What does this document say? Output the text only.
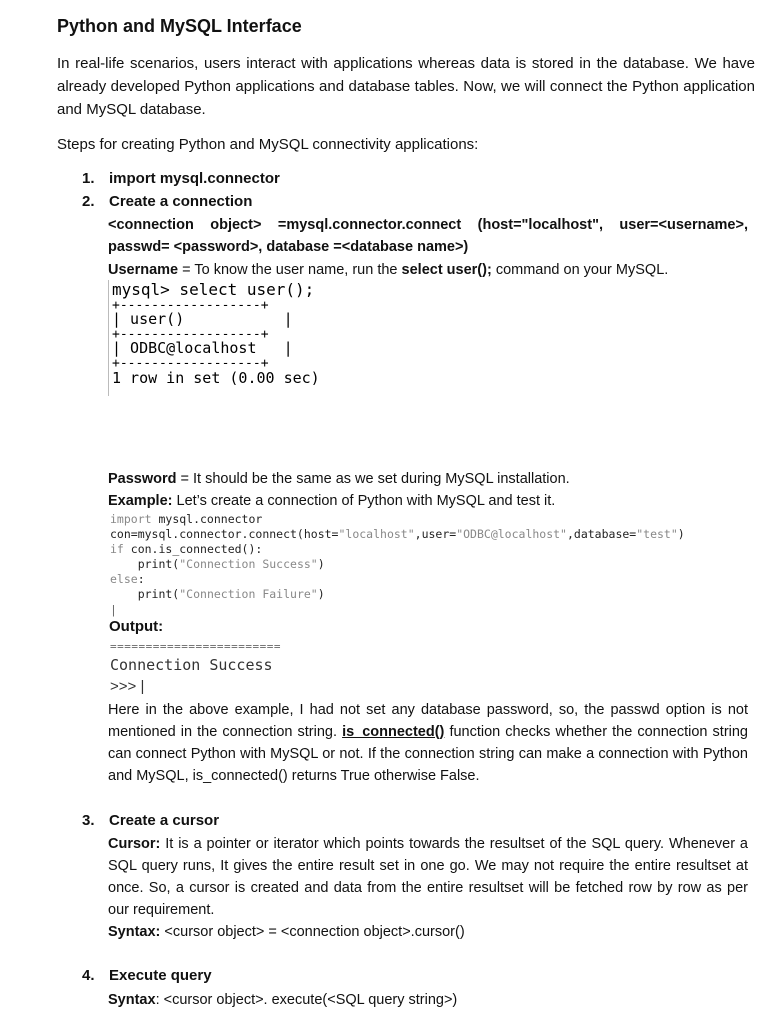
Python and MySQL Interface
In real-life scenarios, users interact with applications whereas data is stored in the database. We have already developed Python applications and database tables. Now, we will connect the Python application and MySQL database.
Steps for creating Python and MySQL connectivity applications:
1. import mysql.connector
2. Create a connection
<connection object> =mysql.connector.connect (host="localhost", user=<username>, passwd= <password>, database =<database name>)
Username = To know the user name, run the select user(); command on your MySQL.
mysql> select user();
+------------------+
| user()           |
+------------------+
| ODBC@localhost   |
+------------------+
1 row in set (0.00 sec)
Password = It should be the same as we set during MySQL installation.
Example: Let’s create a connection of Python with MySQL and test it.
import mysql.connector
con=mysql.connector.connect(host="localhost",user="ODBC@localhost",database="test")
if con.is_connected():
print("Connection Success")
else:
print("Connection Failure")
|
Output:
========================
Connection Success
>>> |
Here in the above example, I had not set any database password, so, the passwd option is not mentioned in the connection string. is_connected() function checks whether the connection string can connect Python with MySQL or not. If the connection string can make a connection with Python and MySQL, is_connected() returns True otherwise False.
3. Create a cursor
Cursor: It is a pointer or iterator which points towards the resultset of the SQL query. Whenever a SQL query runs, It gives the entire result set in one go. We may not require the entire resultset at once. So, a cursor is created and data from the entire resultset will be fetched row by row as per our requirement.
Syntax: <cursor object> = <connection object>.cursor()
4. Execute query
Syntax: <cursor object>. execute(<SQL query string>)
